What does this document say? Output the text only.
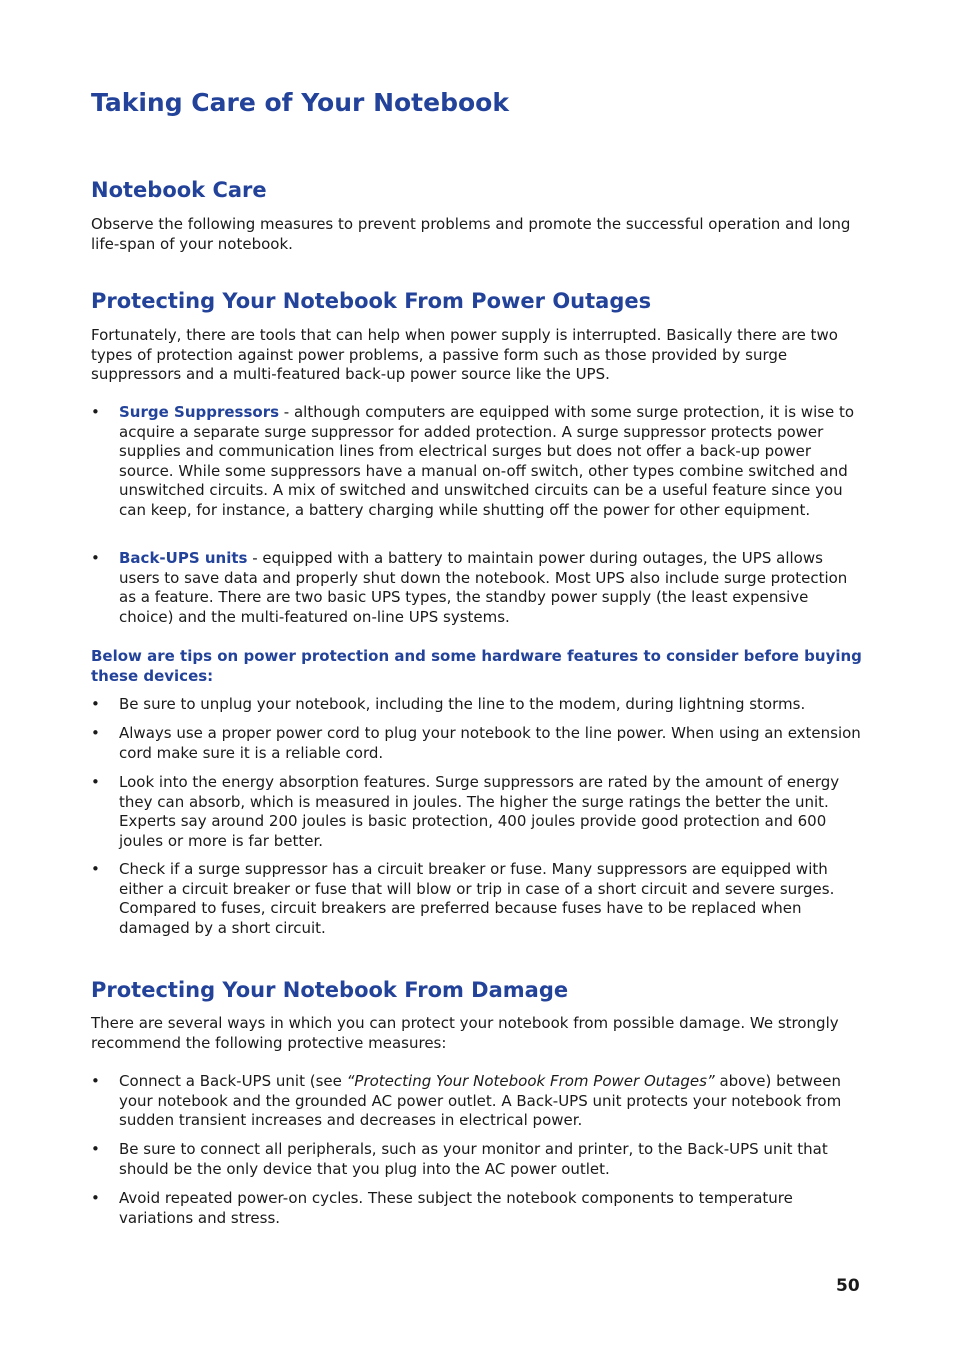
Taking Care of Your Notebook
Notebook Care

Observe the following measures to prevent problems and promote the successful operation and long life-span of your notebook.

Protecting Your Notebook From Power Outages

Fortunately, there are tools that can help when power supply is interrupted. Basically there are two types of protection against power problems, a passive form such as those provided by surge suppressors and a multi-featured back-up power source like the UPS.

•	Surge Suppressors - although computers are equipped with some surge protection, it is wise to acquire a separate surge suppressor for added protection. A surge suppressor protects power supplies and communication lines from electrical surges but does not offer a back-up power source. While some suppressors have a manual on-off switch, other types combine switched and unswitched circuits. A mix of switched and unswitched circuits can be a useful feature since you can keep, for instance, a battery charging while shutting off the power for other equipment.
•	Back-UPS units - equipped with a battery to maintain power during outages, the UPS allows users to save data and properly shut down the notebook. Most UPS also include surge protection as a feature. There are two basic UPS types, the standby power supply (the least expensive choice) and the multi-featured on-line UPS systems.

Below are tips on power protection and some hardware features to consider before buying these devices:

•	Be sure to unplug your notebook, including the line to the modem, during lightning storms.
•	Always use a proper power cord to plug your notebook to the line power. When using an extension cord make sure it is a reliable cord.
•	Look into the energy absorption features. Surge suppressors are rated by the amount of energy they can absorb, which is measured in joules. The higher the surge ratings the better the unit. Experts say around 200 joules is basic protection, 400 joules provide good protection and 600 joules or more is far better.
•	Check if a surge suppressor has a circuit breaker or fuse. Many suppressors are equipped with either a circuit breaker or fuse that will blow or trip in case of a short circuit and severe surges. Compared to fuses, circuit breakers are preferred because fuses have to be replaced when damaged by a short circuit.
Protecting Your Notebook From Damage

There are several ways in which you can protect your notebook from possible damage. We strongly recommend the following protective measures:

•	Connect a Back-UPS unit (see “Protecting Your Notebook From Power Outages” above) between your notebook and the grounded AC power outlet. A Back-UPS unit protects your notebook from sudden transient increases and decreases in electrical power.
•	Be sure to connect all peripherals, such as your monitor and printer, to the Back-UPS unit that should be the only device that you plug into the AC power outlet.
•	Avoid repeated power-on cycles. These subject the notebook components to temperature variations and stress.
50
